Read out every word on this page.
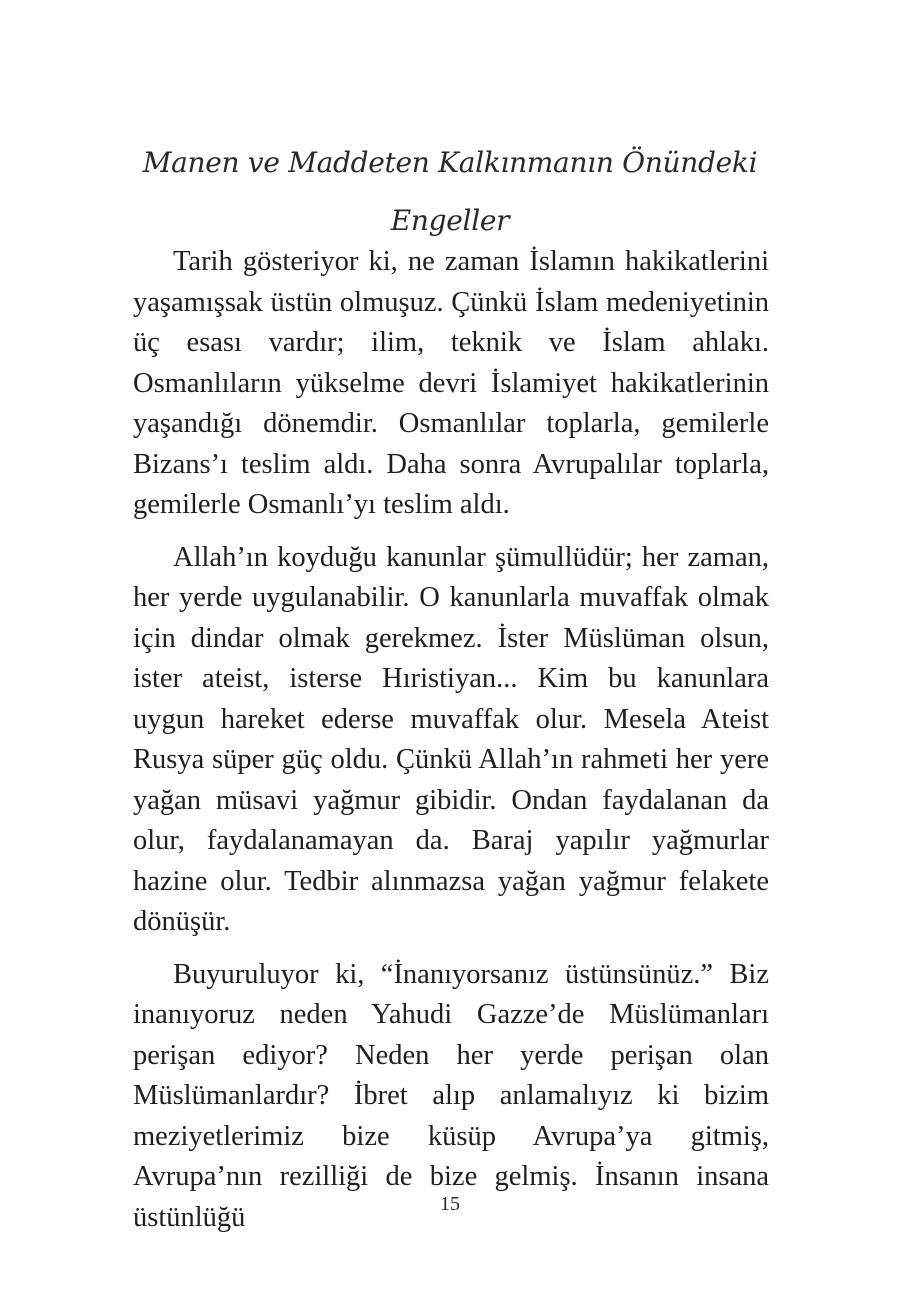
Manen ve Maddeten Kalkınmanın Önündeki
Engeller

Tarih gösteriyor ki, ne zaman İslamın hakikatlerini yaşamışsak üstün olmuşuz. Çünkü İslam medeniyetinin üç esası vardır; ilim, teknik ve İslam ahlakı. Osmanlıların yükselme devri İslamiyet hakikatlerinin yaşandığı dönemdir. Osmanlılar toplarla, gemilerle Bizans’ı teslim aldı. Daha sonra Avrupalılar toplarla, gemilerle Osmanlı’yı teslim aldı.

Allah’ın koyduğu kanunlar şümullüdür; her zaman, her yerde uygulanabilir. O kanunlarla muvaffak olmak için dindar olmak gerekmez. İster Müslüman olsun, ister ateist, isterse Hıristiyan... Kim bu kanunlara uygun hareket ederse muvaffak olur. Mesela Ateist Rusya süper güç oldu. Çünkü Allah’ın rahmeti her yere yağan müsavi yağmur gibidir. Ondan faydalanan da olur, faydalanamayan da. Baraj yapılır yağmurlar hazine olur. Tedbir alınmazsa yağan yağmur felakete dönüşür.

Buyuruluyor ki, “İnanıyorsanız üstünsünüz.” Biz inanıyoruz neden Yahudi Gazze’de Müslümanları perişan ediyor? Neden her yerde perişan olan Müslümanlardır? İbret alıp anlamalıyız ki bizim meziyetlerimiz bize küsüp Avrupa’ya gitmiş, Avrupa’nın rezilliği de bize gelmiş. İnsanın insana üstünlüğü	15
